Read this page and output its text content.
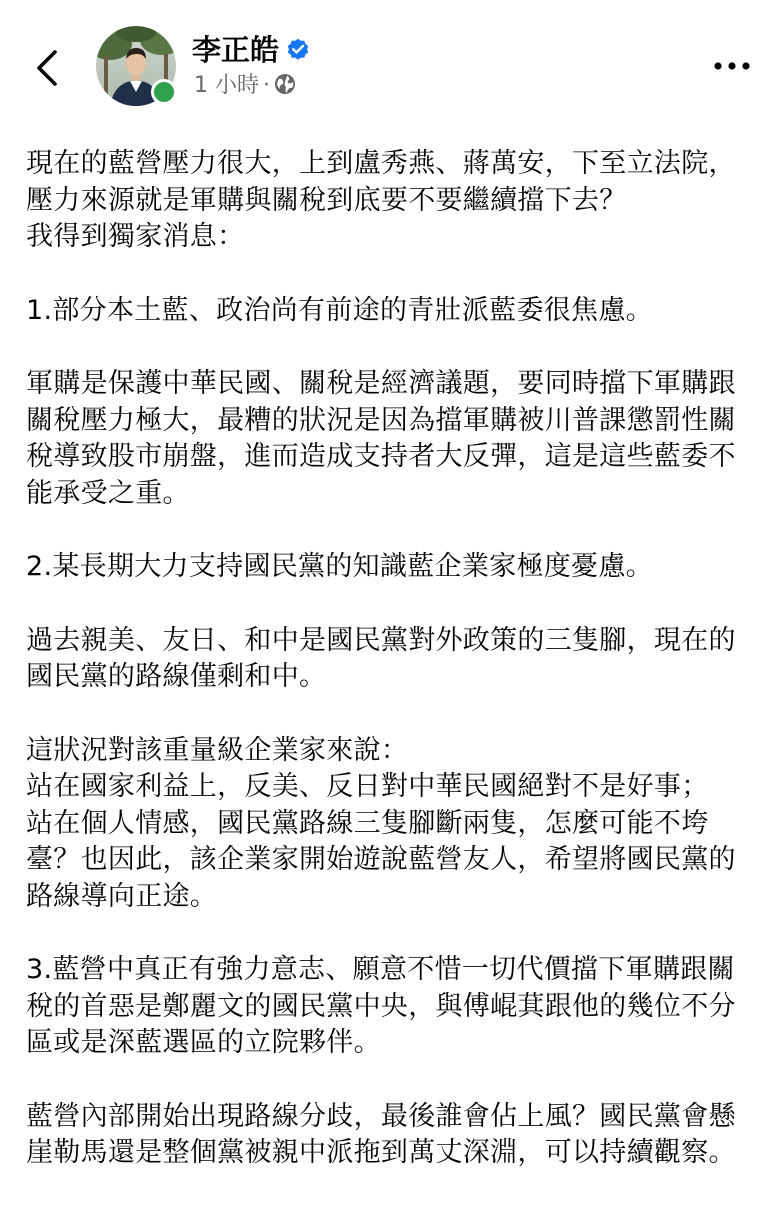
李正皓
1 小時 ·
現在的藍營壓力很大，上到盧秀燕、蔣萬安，下至立法院，壓力來源就是軍購與關稅到底要不要繼續擋下去？
我得到獨家消息：
1.部分本土藍、政治尚有前途的青壯派藍委很焦慮。
軍購是保護中華民國、關稅是經濟議題，要同時擋下軍購跟關稅壓力極大，最糟的狀況是因為擋軍購被川普課懲罰性關稅導致股市崩盤，進而造成支持者大反彈，這是這些藍委不能承受之重。
2.某長期大力支持國民黨的知識藍企業家極度憂慮。
過去親美、友日、和中是國民黨對外政策的三隻腳，現在的國民黨的路線僅剩和中。
這狀況對該重量級企業家來說：
站在國家利益上，反美、反日對中華民國絕對不是好事；
站在個人情感，國民黨路線三隻腳斷兩隻，怎麼可能不垮臺？也因此，該企業家開始遊說藍營友人，希望將國民黨的路線導向正途。
3.藍營中真正有強力意志、願意不惜一切代價擋下軍購跟關稅的首惡是鄭麗文的國民黨中央，與傅崐萁跟他的幾位不分區或是深藍選區的立院夥伴。
藍營內部開始出現路線分歧，最後誰會佔上風？國民黨會懸崖勒馬還是整個黨被親中派拖到萬丈深淵，可以持續觀察。
